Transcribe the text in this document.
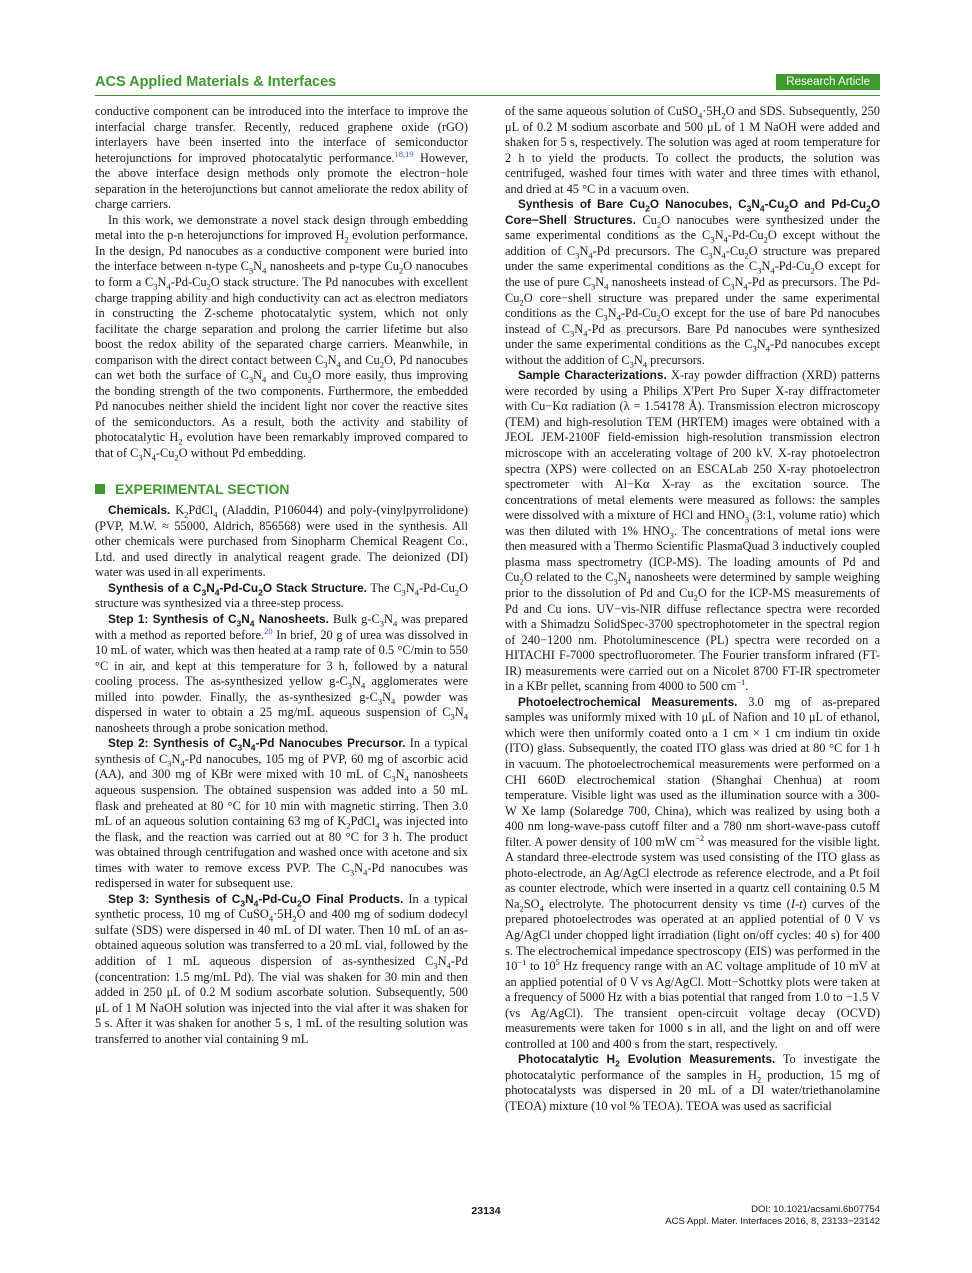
ACS Applied Materials & Interfaces	Research Article

conductive component can be introduced into the interface to improve the interfacial charge transfer. Recently, reduced graphene oxide (rGO) interlayers have been inserted into the interface of semiconductor heterojunctions for improved photocatalytic performance.$^{18,19}$ However, the above interface design methods only promote the electron−hole separation in the heterojunctions but cannot ameliorate the redox ability of charge carriers.

In this work, we demonstrate a novel stack design through embedding metal into the p-n heterojunctions for improved $H_2$ evolution performance. In the design, Pd nanocubes as a conductive component were buried into the interface between n-type $C_3N_4$ nanosheets and p-type $Cu_2O$ nanocubes to form a $C_3N_4-Pd-Cu_2O$ stack structure. The Pd nanocubes with excellent charge trapping ability and high conductivity can act as electron mediators in constructing the Z-scheme photocatalytic system, which not only facilitate the charge separation and prolong the carrier lifetime but also boost the redox ability of the separated charge carriers. Meanwhile, in comparison with the direct contact between $C_3N_4$ and $Cu_2O$, Pd nanocubes can wet both the surface of $C_3N_4$ and $Cu_2O$ more easily, thus improving the bonding strength of the two components. Furthermore, the embedded Pd nanocubes neither shield the incident light nor cover the reactive sites of the semiconductors. As a result, both the activity and stability of photocatalytic $H_2$ evolution have been remarkably improved compared to that of $C_3N_4-Cu_2O$ without Pd embedding.

EXPERIMENTAL SECTION

Chemicals. $K_2PdCl_4$ (Aladdin, P106044) and poly-(vinylpyrrolidone) (PVP, M.W. ≈ 55000, Aldrich, 856568) were used in the synthesis. All other chemicals were purchased from Sinopharm Chemical Reagent Co., Ltd. and used directly in analytical reagent grade. The deionized (DI) water was used in all experiments.

Synthesis of a $C_3N_4-Pd-Cu_2O$ Stack Structure. The $C_3N_4-Pd-Cu_2O$ structure was synthesized via a three-step process.

Step 1: Synthesis of $C_3N_4$ Nanosheets. Bulk $g-C_3N_4$ was prepared with a method as reported before.$^{20}$ In brief, 20 g of urea was dissolved in 10 mL of water, which was then heated at a ramp rate of 0.5 °C/min to 550 °C in air, and kept at this temperature for 3 h, followed by a natural cooling process. The as-synthesized yellow $g-C_3N_4$ agglomerates were milled into powder. Finally, the as-synthesized $g-C_3N_4$ powder was dispersed in water to obtain a 25 mg/mL aqueous suspension of $C_3N_4$ nanosheets through a probe sonication method.

Step 2: Synthesis of $C_3N_4-Pd$ Nanocubes Precursor. In a typical synthesis of $C_3N_4-Pd$ nanocubes, 105 mg of PVP, 60 mg of ascorbic acid (AA), and 300 mg of KBr were mixed with 10 mL of $C_3N_4$ nanosheets aqueous suspension. The obtained suspension was added into a 50 mL flask and preheated at 80 °C for 10 min with magnetic stirring. Then 3.0 mL of an aqueous solution containing 63 mg of $K_2PdCl_4$ was injected into the flask, and the reaction was carried out at 80 °C for 3 h. The product was obtained through centrifugation and washed once with acetone and six times with water to remove excess PVP. The $C_3N_4-Pd$ nanocubes was redispersed in water for subsequent use.

Step 3: Synthesis of $C_3N_4-Pd-Cu_2O$ Final Products. In a typical synthetic process, 10 mg of $CuSO_4\cdot 5H_2O$ and 400 mg of sodium dodecyl sulfate (SDS) were dispersed in 40 mL of DI water. Then 10 mL of an as-obtained aqueous solution was transferred to a 20 mL vial, followed by the addition of 1 mL aqueous dispersion of as-synthesized $C_3N_4-Pd$ (concentration: 1.5 mg/mL Pd). The vial was shaken for 30 min and then added in 250 μL of 0.2 M sodium ascorbate solution. Subsequently, 500 μL of 1 M NaOH solution was injected into the vial after it was shaken for 5 s. After it was shaken for another 5 s, 1 mL of the resulting solution was transferred to another vial containing 9 mL

of the same aqueous solution of $CuSO_4\cdot 5H_2O$ and SDS. Subsequently, 250 μL of 0.2 M sodium ascorbate and 500 μL of 1 M NaOH were added and shaken for 5 s, respectively. The solution was aged at room temperature for 2 h to yield the products. To collect the products, the solution was centrifuged, washed four times with water and three times with ethanol, and dried at 45 °C in a vacuum oven.

Synthesis of Bare $Cu_2O$ Nanocubes, $C_3N_4-Cu_2O$ and $Pd-Cu_2O$ Core−Shell Structures. $Cu_2O$ nanocubes were synthesized under the same experimental conditions as the $C_3N_4-Pd-Cu_2O$ except without the addition of $C_3N_4-Pd$ precursors. The $C_3N_4-Cu_2O$ structure was prepared under the same experimental conditions as the $C_3N_4-Pd-Cu_2O$ except for the use of pure $C_3N_4$ nanosheets instead of $C_3N_4-Pd$ as precursors. The $Pd-Cu_2O$ core−shell structure was prepared under the same experimental conditions as the $C_3N_4-Pd-Cu_2O$ except for the use of bare Pd nanocubes instead of $C_3N_4-Pd$ as precursors. Bare Pd nanocubes were synthesized under the same experimental conditions as the $C_3N_4-Pd$ nanocubes except without the addition of $C_3N_4$ precursors.

Sample Characterizations. X-ray powder diffraction (XRD) patterns were recorded by using a Philips X'Pert Pro Super X-ray diffractometer with Cu−Kα radiation (λ = 1.54178 Å). Transmission electron microscopy (TEM) and high-resolution TEM (HRTEM) images were obtained with a JEOL JEM-2100F field-emission high-resolution transmission electron microscope with an accelerating voltage of 200 kV. X-ray photoelectron spectra (XPS) were collected on an ESCALab 250 X-ray photoelectron spectrometer with Al−Kα X-ray as the excitation source. The concentrations of metal elements were measured as follows: the samples were dissolved with a mixture of HCl and $HNO_3$ (3:1, volume ratio) which was then diluted with 1% $HNO_3$. The concentrations of metal ions were then measured with a Thermo Scientific PlasmaQuad 3 inductively coupled plasma mass spectrometry (ICP-MS). The loading amounts of Pd and $Cu_2O$ related to the $C_3N_4$ nanosheets were determined by sample weighing prior to the dissolution of Pd and $Cu_2O$ for the ICP-MS measurements of Pd and Cu ions. UV−vis-NIR diffuse reflectance spectra were recorded with a Shimadzu SolidSpec-3700 spectrophotometer in the spectral region of 240−1200 nm. Photoluminescence (PL) spectra were recorded on a HITACHI F-7000 spectrofluorometer. The Fourier transform infrared (FT-IR) measurements were carried out on a Nicolet 8700 FT-IR spectrometer in a KBr pellet, scanning from 4000 to 500 $cm^{-1}$.

Photoelectrochemical Measurements. 3.0 mg of as-prepared samples was uniformly mixed with 10 μL of Nafion and 10 μL of ethanol, which were then uniformly coated onto a 1 cm × 1 cm indium tin oxide (ITO) glass. Subsequently, the coated ITO glass was dried at 80 °C for 1 h in vacuum. The photoelectrochemical measurements were performed on a CHI 660D electrochemical station (Shanghai Chenhua) at room temperature. Visible light was used as the illumination source with a 300-W Xe lamp (Solaredge 700, China), which was realized by using both a 400 nm long-wave-pass cutoff filter and a 780 nm short-wave-pass cutoff filter. A power density of 100 mW $cm^{-2}$ was measured for the visible light. A standard three-electrode system was used consisting of the ITO glass as photo-electrode, an Ag/AgCl electrode as reference electrode, and a Pt foil as counter electrode, which were inserted in a quartz cell containing 0.5 M $Na_2SO_4$ electrolyte. The photocurrent density vs time (I-t) curves of the prepared photoelectrodes was operated at an applied potential of 0 V vs Ag/AgCl under chopped light irradiation (light on/off cycles: 40 s) for 400 s. The electrochemical impedance spectroscopy (EIS) was performed in the $10^{-1}$ to $10^5$ Hz frequency range with an AC voltage amplitude of 10 mV at an applied potential of 0 V vs Ag/AgCl. Mott−Schottky plots were taken at a frequency of 5000 Hz with a bias potential that ranged from 1.0 to −1.5 V (vs Ag/AgCl). The transient open-circuit voltage decay (OCVD) measurements were taken for 1000 s in all, and the light on and off were controlled at 100 and 400 s from the start, respectively.

Photocatalytic $H_2$ Evolution Measurements. To investigate the photocatalytic performance of the samples in $H_2$ production, 15 mg of photocatalysts was dispersed in 20 mL of a DI water/triethanolamine (TEOA) mixture (10 vol % TEOA). TEOA was used as sacrificial

23134	DOI: 10.1021/acsami.6b07754
ACS Appl. Mater. Interfaces 2016, 8, 23133−23142
